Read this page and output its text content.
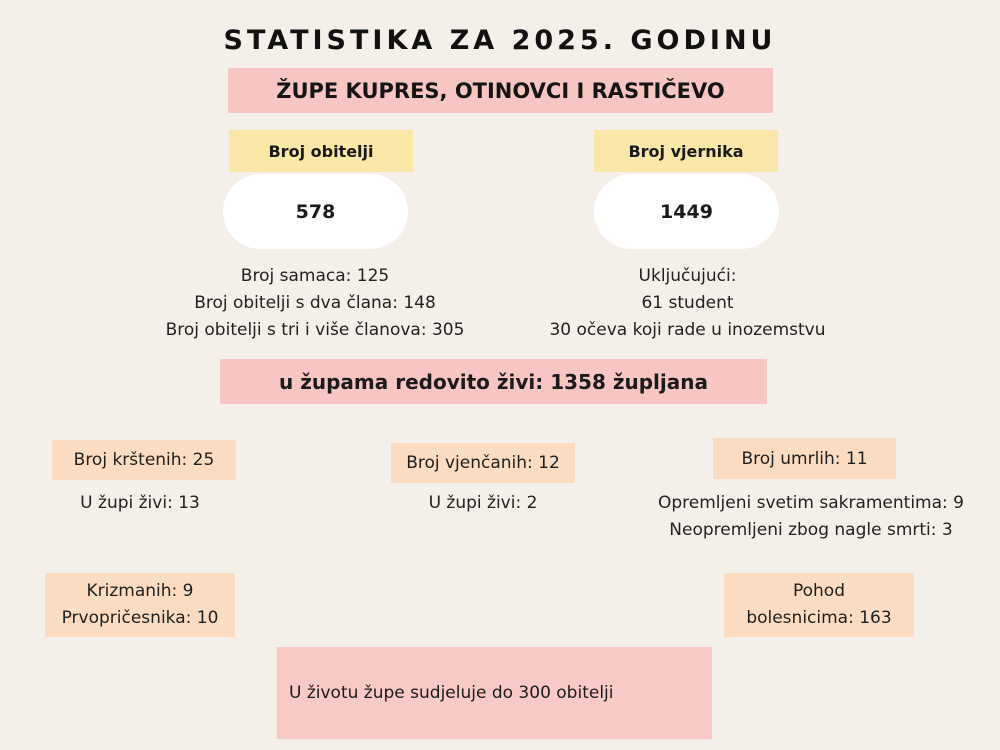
STATISTIKA ZA 2025. GODINU
ŽUPE KUPRES, OTINOVCI I RASTIČEVO
Broj obitelji
578
Broj samaca: 125
Broj obitelji s dva člana: 148
Broj obitelji s tri i više članova: 305
Broj vjernika
1449
Uključujući:
61 student
30 očeva koji rade u inozemstvu
u župama redovito živi: 1358 župljana
Broj krštenih: 25
U župi živi: 13
Broj vjenčanih: 12
U župi živi: 2
Broj umrlih: 11
Opremljeni svetim sakramentima: 9
Neopremljeni zbog nagle smrti: 3
Krizmanih: 9
Prvopričesnika: 10
Pohod
bolesnicima: 163
U životu župe sudjeluje do 300 obitelji
